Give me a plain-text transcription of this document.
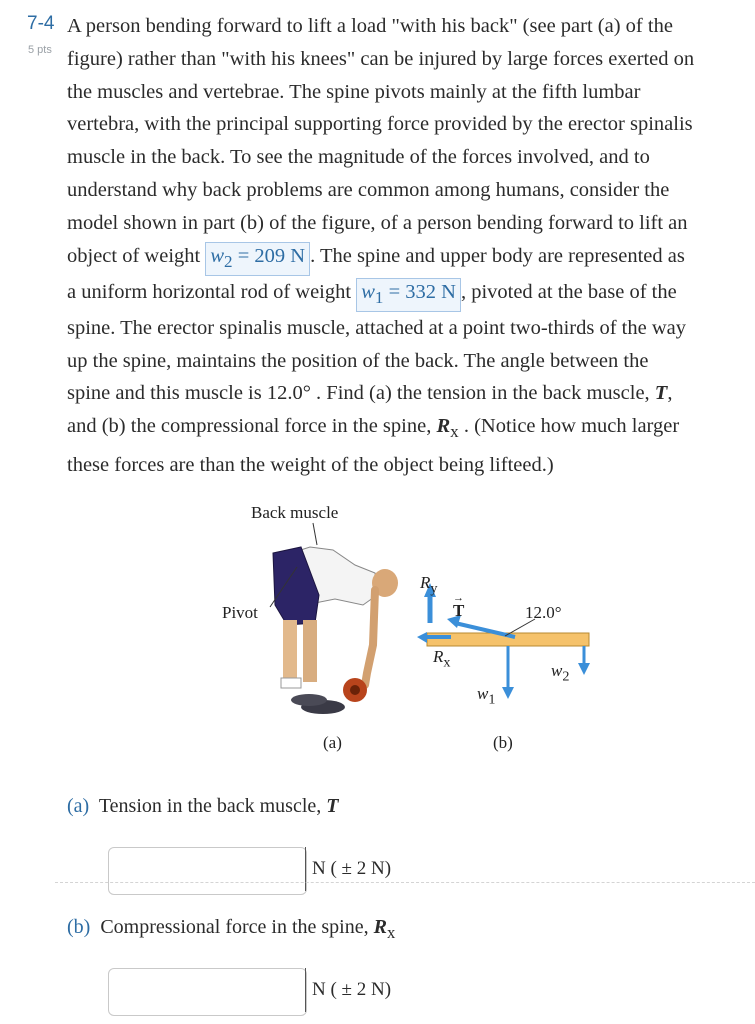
7-4
5 pts
A person bending forward to lift a load "with his back" (see part (a) of the
figure) rather than "with his knees" can be injured by large forces exerted on
the muscles and vertebrae. The spine pivots mainly at the fifth lumbar
vertebra, with the principal supporting force provided by the erector spinalis
muscle in the back. To see the magnitude of the forces involved, and to
understand why back problems are common among humans, consider the
model shown in part (b) of the figure, of a person bending forward to lift an
object of weight $w_2 = 209$ N . The spine and upper body are represented as
a uniform horizontal rod of weight $w_1 = 332$ N , pivoted at the base of the
spine. The erector spinalis muscle, attached at a point two-thirds of the way
up the spine, maintains the position of the back. The angle between the
spine and this muscle is 12.0° . Find (a) the tension in the back muscle, T,
and (b) the compressional force in the spine, $R_x$ . (Notice how much larger
these forces are than the weight of the object being lifteed.)
Back muscle
Pivot
$R_y$
→
T	12.0°
$R_x$
$w_1$
$w_2$
(a)	(b)
(a) Tension in the back muscle, T
N ( ± 2 N)
(b) Compressional force in the spine, $R_x$
N ( ± 2 N)
